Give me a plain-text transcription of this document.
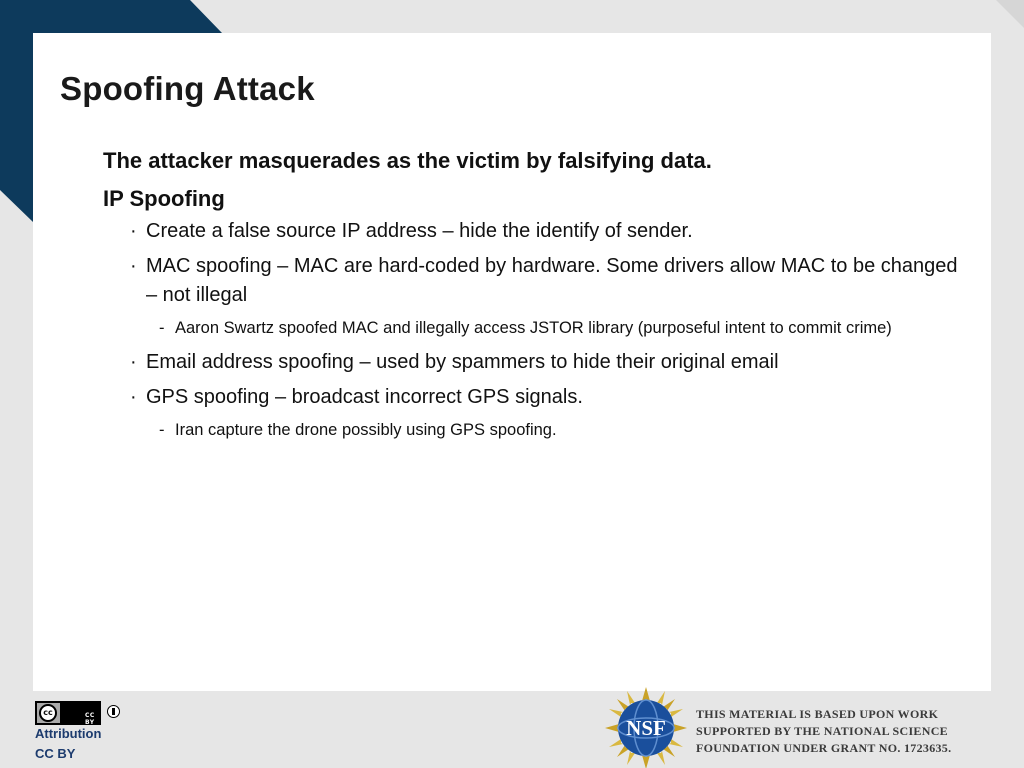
Spoofing Attack

The attacker masquerades as the victim by falsifying data.

IP Spoofing

· Create a false source IP address – hide the identify of sender.
· MAC spoofing – MAC are hard-coded by hardware. Some drivers allow MAC to be changed – not illegal
- Aaron Swartz spoofed MAC and illegally access JSTOR library (purposeful intent to commit crime)
· Email address spoofing – used by spammers to hide their original email
· GPS spoofing – broadcast incorrect GPS signals.
- Iran capture the drone possibly using GPS spoofing.
cc	CC BY
Attribution
CC BY
NSF

THIS MATERIAL IS BASED UPON WORK
SUPPORTED BY THE NATIONAL SCIENCE
FOUNDATION UNDER GRANT NO. 1723635.
